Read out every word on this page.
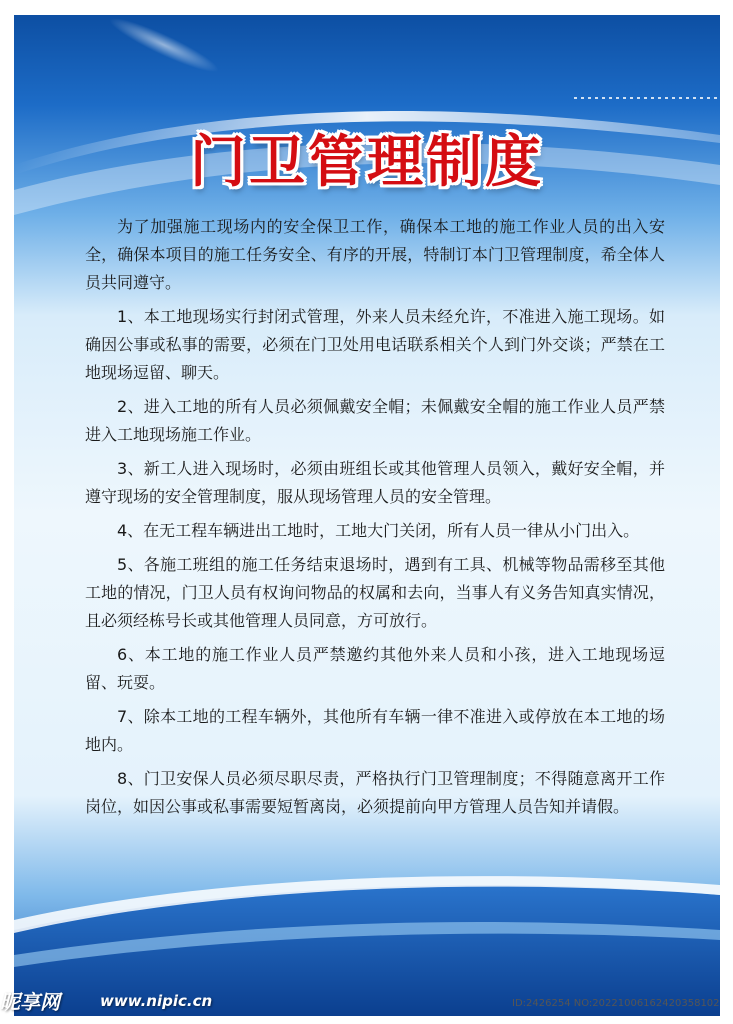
门卫管理制度

为了加强施工现场内的安全保卫工作，确保本工地的施工作业人员的出入安全，确保本项目的施工任务安全、有序的开展，特制订本门卫管理制度，希全体人员共同遵守。

1、本工地现场实行封闭式管理，外来人员未经允许，不准进入施工现场。如确因公事或私事的需要，必须在门卫处用电话联系相关个人到门外交谈；严禁在工地现场逗留、聊天。

2、进入工地的所有人员必须佩戴安全帽；未佩戴安全帽的施工作业人员严禁进入工地现场施工作业。

3、新工人进入现场时，必须由班组长或其他管理人员领入，戴好安全帽，并遵守现场的安全管理制度，服从现场管理人员的安全管理。

4、在无工程车辆进出工地时，工地大门关闭，所有人员一律从小门出入。

5、各施工班组的施工任务结束退场时，遇到有工具、机械等物品需移至其他工地的情况，门卫人员有权询问物品的权属和去向，当事人有义务告知真实情况，且必须经栋号长或其他管理人员同意，方可放行。

6、本工地的施工作业人员严禁邀约其他外来人员和小孩，进入工地现场逗留、玩耍。

7、除本工地的工程车辆外，其他所有车辆一律不准进入或停放在本工地的场地内。

8、门卫安保人员必须尽职尽责，严格执行门卫管理制度；不得随意离开工作岗位，如因公事或私事需要短暂离岗，必须提前向甲方管理人员告知并请假。

昵享网	www.nipic.cn	ID:2426254 NO:20221006162420358102
